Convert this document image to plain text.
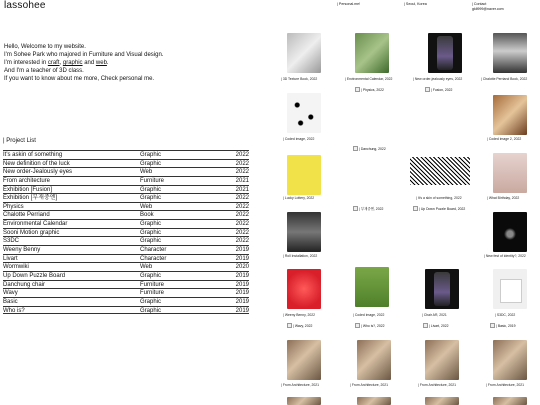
lassohee	| Personal.me!	| Seoul, Korea	| Contact
gkll999@naver.com
Hello, Welcome to my website.
I'm Sohee Park who majored in Furniture and Visual design.
I'm interested in craft, graphic and web.
And I'm a teacher of 3D class.
If you want to know about me more, Check personal me.
| Project List
It's askin of something	Graphic	2022
New definition of the luck	Graphic	2022
New order-Jealously eyes	Web	2022
From architecture	Furniture	2021
Exhibition [Fusion]	Graphic	2021
Exhibition [부재중엔]	Graphic	2022
Physics	Web	2022
Chalotte Perriand	Book	2022
Environmental Calendar	Graphic	2022
Sooni Motion graphic	Graphic	2022
S3DC	Graphic	2022
Weeny Benny	Character	2019
Livart	Character	2019
Wormwiki	Web	2020
Up Down Puzzle Board	Graphic	2019
Danchung chair	Furniture	2019
Wavy	Furniture	2019
Basic	Graphic	2019
Who is?	Graphic	2019
| 3D Texture Book, 2022	| Environmental Calendar, 2022	| New order-jealously eyes, 2022	| Chalotte Perriand Book, 2022
| Physics, 2022	| Fusion, 2022
| Coded image, 2022	| Coded image 2, 2022
| Danchung, 2022
| Lucky Lottery, 2022	| It's a skin of something, 2022	| What Birthday, 2022
| 부재중엔, 2022	| Up Down Puzzle Board, 2022
| Roll Installation, 2022	| New fest of identity?, 2022
| Weeny Benny, 2022	| Coded image, 2022	| Chair AR, 2021	| S3DC, 2022
| Wavy, 2022	| Who is?, 2022	| Livart, 2022	| Basic, 2019
| From Architecture, 2021	| From Architecture, 2021	| From Architecture, 2021	| From Architecture, 2021
